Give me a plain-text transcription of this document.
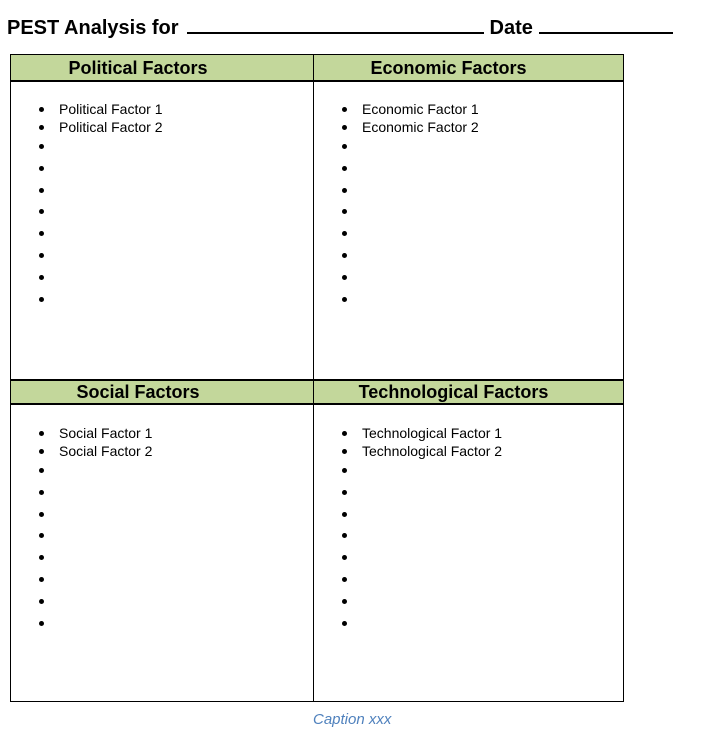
PEST Analysis for	Date
Political Factors
Political Factor 1
Political Factor 2
Economic Factors
Economic Factor 1
Economic Factor 2
Social Factors
Social Factor 1
Social Factor 2
Technological Factors
Technological Factor 1
Technological Factor 2
Caption xxx
